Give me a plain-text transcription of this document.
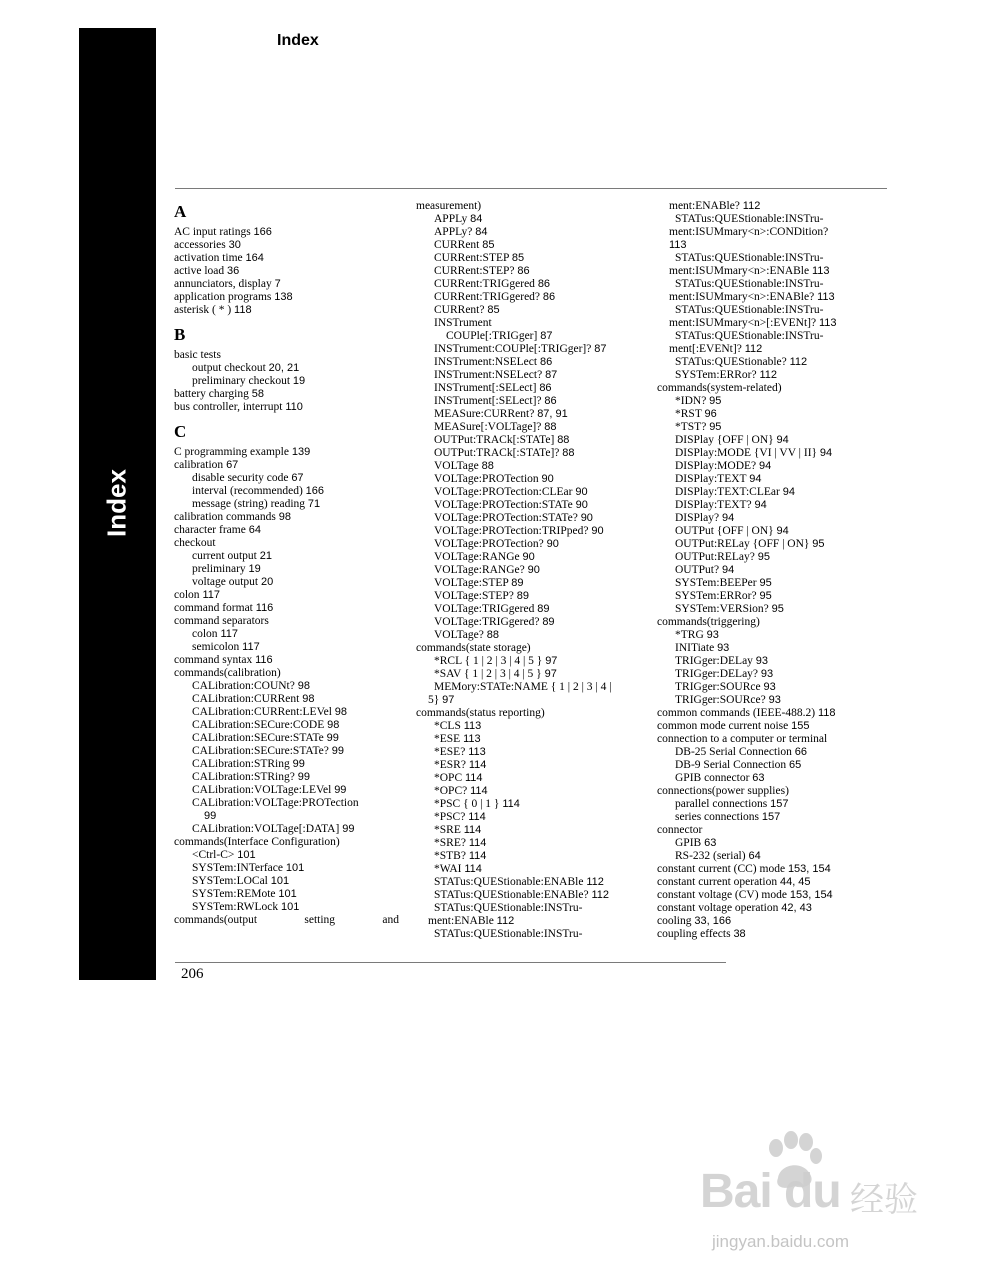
Index
Index
A
AC input ratings 166
accessories 30
activation time 164
active load 36
annunciators, display 7
application programs 138
asterisk ( * ) 118
B
basic tests
output checkout 20, 21
preliminary checkout 19
battery charging 58
bus controller, interrupt 110
C
C programming example 139
calibration 67
disable security code 67
interval (recommended) 166
message (string) reading 71
calibration commands 98
character frame 64
checkout
current output 21
preliminary 19
voltage output 20
colon 117
command format 116
command separators
colon 117
semicolon 117
command syntax 116
commands(calibration)
CALibration:COUNt? 98
CALibration:CURRent 98
CALibration:CURRent:LEVel 98
CALibration:SECure:CODE 98
CALibration:SECure:STATe 99
CALibration:SECure:STATe? 99
CALibration:STRing 99
CALibration:STRing? 99
CALibration:VOLTage:LEVel 99
CALibration:VOLTage:PROTection
99
CALibration:VOLTage[:DATA] 99
commands(Interface Configuration)
<Ctrl-C> 101
SYSTem:INTerface 101
SYSTem:LOCal 101
SYSTem:REMote 101
SYSTem:RWLock 101
commands(output	setting	and
measurement)
APPLy 84
APPLy? 84
CURRent 85
CURRent:STEP 85
CURRent:STEP? 86
CURRent:TRIGgered 86
CURRent:TRIGgered? 86
CURRent? 85
INSTrument
COUPle[:TRIGger] 87
INSTrument:COUPle[:TRIGger]? 87
INSTrument:NSELect 86
INSTrument:NSELect? 87
INSTrument[:SELect] 86
INSTrument[:SELect]? 86
MEASure:CURRent? 87, 91
MEASure[:VOLTage]? 88
OUTPut:TRACk[:STATe] 88
OUTPut:TRACk[:STATe]? 88
VOLTage 88
VOLTage:PROTection 90
VOLTage:PROTection:CLEar 90
VOLTage:PROTection:STATe 90
VOLTage:PROTection:STATe? 90
VOLTage:PROTection:TRIPped? 90
VOLTage:PROTection? 90
VOLTage:RANGe 90
VOLTage:RANGe? 90
VOLTage:STEP 89
VOLTage:STEP? 89
VOLTage:TRIGgered 89
VOLTage:TRIGgered? 89
VOLTage? 88
commands(state storage)
*RCL { 1 | 2 | 3 | 4 | 5 } 97
*SAV { 1 | 2 | 3 | 4 | 5 } 97
MEMory:STATe:NAME { 1 | 2 | 3 | 4 |
5} 97
commands(status reporting)
*CLS 113
*ESE 113
*ESE? 113
*ESR? 114
*OPC 114
*OPC? 114
*PSC { 0 | 1 } 114
*PSC? 114
*SRE 114
*SRE? 114
*STB? 114
*WAI 114
STATus:QUEStionable:ENABle 112
STATus:QUEStionable:ENABle? 112
STATus:QUEStionable:INSTru-
ment:ENABle 112
STATus:QUEStionable:INSTru-
ment:ENABle? 112
STATus:QUEStionable:INSTru-
ment:ISUMmary<n>:CONDition?
113
STATus:QUEStionable:INSTru-
ment:ISUMmary<n>:ENABle 113
STATus:QUEStionable:INSTru-
ment:ISUMmary<n>:ENABle? 113
STATus:QUEStionable:INSTru-
ment:ISUMmary<n>[:EVENt]? 113
STATus:QUEStionable:INSTru-
ment[:EVENt]? 112
STATus:QUEStionable? 112
SYSTem:ERRor? 112
commands(system-related)
*IDN? 95
*RST 96
*TST? 95
DISPlay {OFF | ON} 94
DISPlay:MODE {VI | VV | II} 94
DISPlay:MODE? 94
DISPlay:TEXT 94
DISPlay:TEXT:CLEar 94
DISPlay:TEXT? 94
DISPlay? 94
OUTPut {OFF | ON} 94
OUTPut:RELay {OFF | ON} 95
OUTPut:RELay? 95
OUTPut? 94
SYSTem:BEEPer 95
SYSTem:ERRor? 95
SYSTem:VERSion? 95
commands(triggering)
*TRG 93
INITiate 93
TRIGger:DELay 93
TRIGger:DELay? 93
TRIGger:SOURce 93
TRIGger:SOURce? 93
common commands (IEEE-488.2) 118
common mode current noise 155
connection to a computer or terminal
DB-25 Serial Connection 66
DB-9 Serial Connection 65
GPIB connector 63
connections(power supplies)
parallel connections 157
series connections 157
connector
GPIB 63
RS-232 (serial) 64
constant current (CC) mode 153, 154
constant current operation 44, 45
constant voltage (CV) mode 153, 154
constant voltage operation 42, 43
cooling 33, 166
coupling effects 38
206
Bai du 经验
jingyan.baidu.com
